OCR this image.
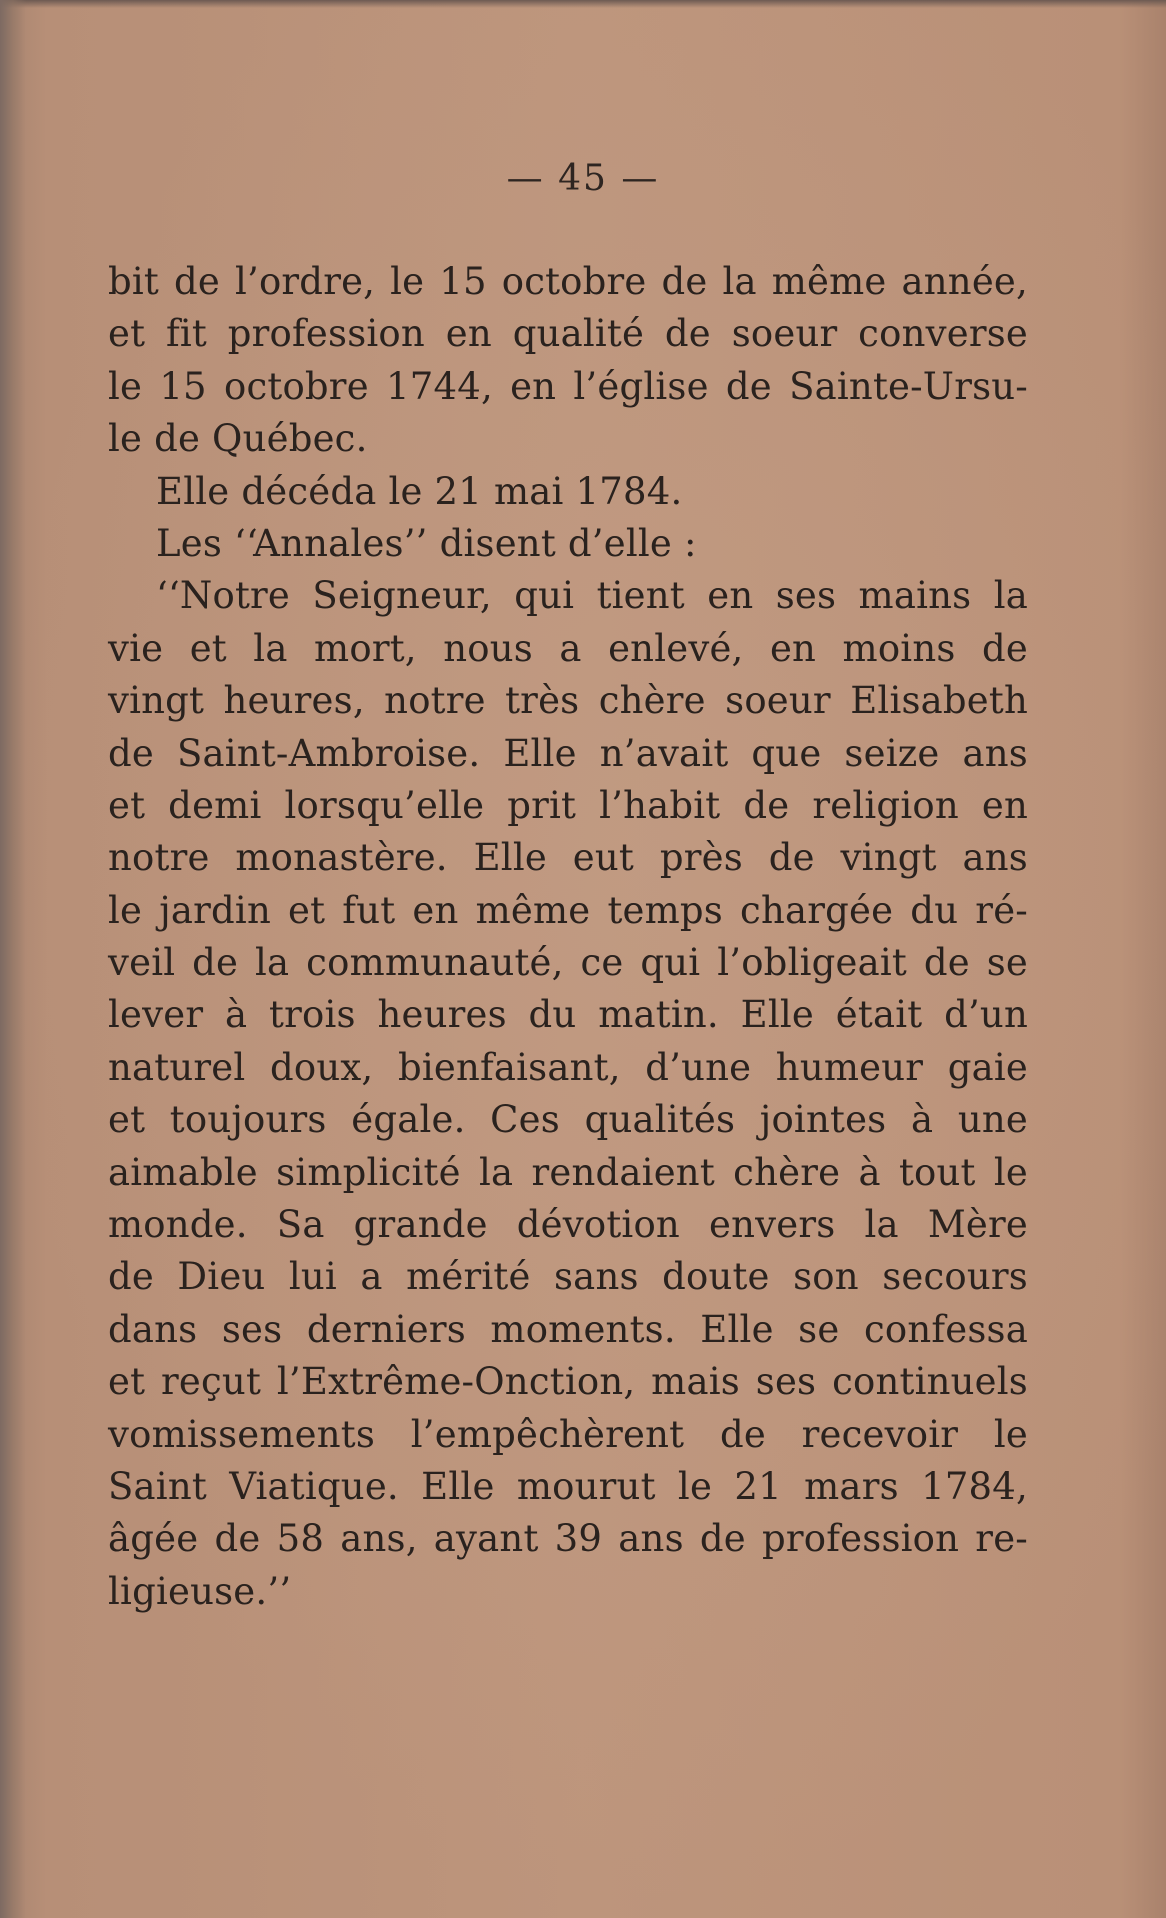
— 45 —
bit de l’ordre, le 15 octobre de la même année,
et fit profession en qualité de soeur converse
le 15 octobre 1744, en l’église de Sainte-Ursu-
le de Québec.
Elle décéda le 21 mai 1784.
Les ‘‘Annales’’ disent d’elle :
‘‘Notre Seigneur, qui tient en ses mains la
vie et la mort, nous a enlevé, en moins de
vingt heures, notre très chère soeur Elisabeth
de Saint-Ambroise. Elle n’avait que seize ans
et demi lorsqu’elle prit l’habit de religion en
notre monastère. Elle eut près de vingt ans
le jardin et fut en même temps chargée du ré-
veil de la communauté, ce qui l’obligeait de se
lever à trois heures du matin. Elle était d’un
naturel doux, bienfaisant, d’une humeur gaie
et toujours égale. Ces qualités jointes à une
aimable simplicité la rendaient chère à tout le
monde. Sa grande dévotion envers la Mère
de Dieu lui a mérité sans doute son secours
dans ses derniers moments. Elle se confessa
et reçut l’Extrême-Onction, mais ses continuels
vomissements l’empêchèrent de recevoir le
Saint Viatique. Elle mourut le 21 mars 1784,
âgée de 58 ans, ayant 39 ans de profession re-
ligieuse.’’
